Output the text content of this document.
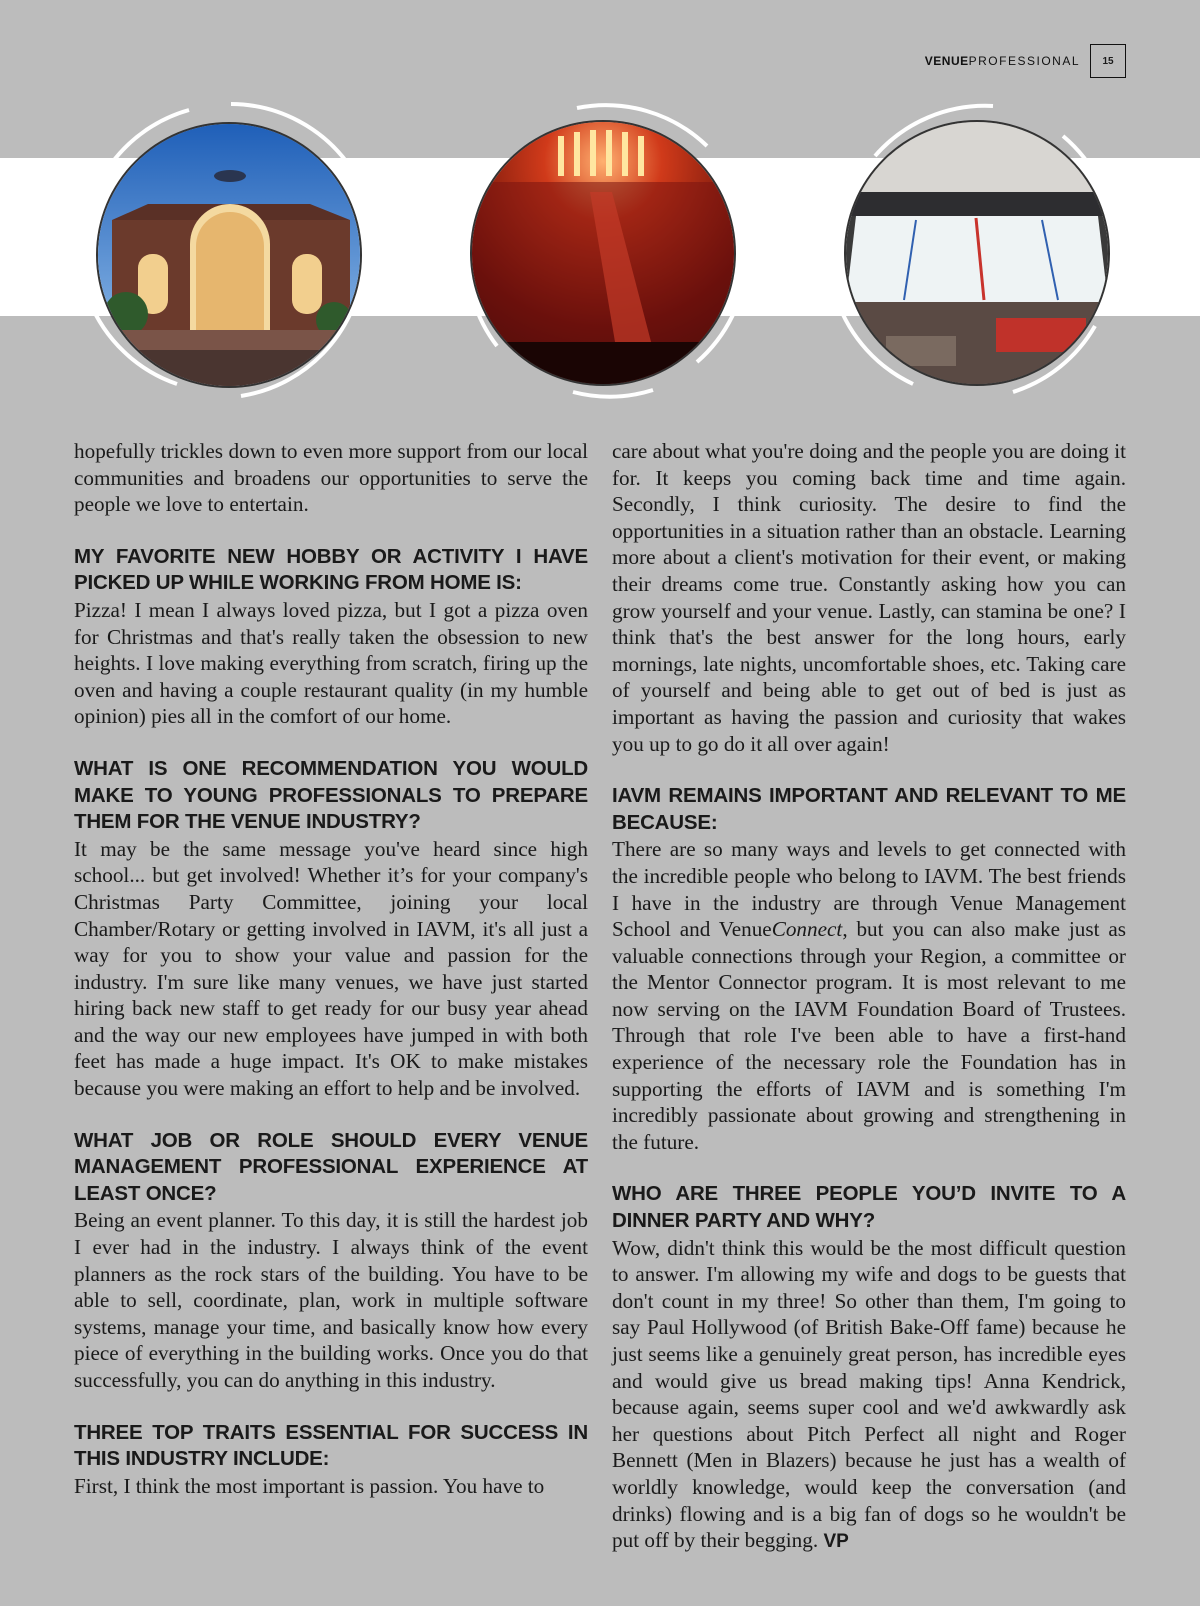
VENUEPROFESSIONAL	15

hopefully trickles down to even more support from our local communities and broadens our opportunities to serve the people we love to entertain.

MY FAVORITE NEW HOBBY OR ACTIVITY I HAVE PICKED UP WHILE WORKING FROM HOME IS:

Pizza! I mean I always loved pizza, but I got a pizza oven for Christmas and that's really taken the obsession to new heights. I love making everything from scratch, firing up the oven and having a couple restaurant quality (in my humble opinion) pies all in the comfort of our home.

WHAT IS ONE RECOMMENDATION YOU WOULD MAKE TO YOUNG PROFESSIONALS TO PREPARE THEM FOR THE VENUE INDUSTRY?

It may be the same message you've heard since high school... but get involved! Whether it’s for your company's Christmas Party Committee, joining your local Chamber/Rotary or getting involved in IAVM, it's all just a way for you to show your value and passion for the industry. I'm sure like many venues, we have just started hiring back new staff to get ready for our busy year ahead and the way our new employees have jumped in with both feet has made a huge impact. It's OK to make mistakes because you were making an effort to help and be involved.

WHAT JOB OR ROLE SHOULD EVERY VENUE MANAGEMENT PROFESSIONAL EXPERIENCE AT LEAST ONCE?

Being an event planner. To this day, it is still the hardest job I ever had in the industry. I always think of the event planners as the rock stars of the building. You have to be able to sell, coordinate, plan, work in multiple software systems, manage your time, and basically know how every piece of everything in the building works. Once you do that successfully, you can do anything in this industry.

THREE TOP TRAITS ESSENTIAL FOR SUCCESS IN THIS INDUSTRY INCLUDE:

First, I think the most important is passion. You have to

care about what you're doing and the people you are doing it for. It keeps you coming back time and time again. Secondly, I think curiosity. The desire to find the opportunities in a situation rather than an obstacle. Learning more about a client's motivation for their event, or making their dreams come true. Constantly asking how you can grow yourself and your venue. Lastly, can stamina be one? I think that's the best answer for the long hours, early mornings, late nights, uncomfortable shoes, etc. Taking care of yourself and being able to get out of bed is just as important as having the passion and curiosity that wakes you up to go do it all over again!

IAVM REMAINS IMPORTANT AND RELEVANT TO ME BECAUSE:

There are so many ways and levels to get connected with the incredible people who belong to IAVM. The best friends I have in the industry are through Venue Management School and VenueConnect, but you can also make just as valuable connections through your Region, a committee or the Mentor Connector program. It is most relevant to me now serving on the IAVM Foundation Board of Trustees. Through that role I've been able to have a first-hand experience of the necessary role the Foundation has in supporting the efforts of IAVM and is something I'm incredibly passionate about growing and strengthening in the future.

WHO ARE THREE PEOPLE YOU’D INVITE TO A DINNER PARTY AND WHY?

Wow, didn't think this would be the most difficult question to answer. I'm allowing my wife and dogs to be guests that don't count in my three! So other than them, I'm going to say Paul Hollywood (of British Bake-Off fame) because he just seems like a genuinely great person, has incredible eyes and would give us bread making tips! Anna Kendrick, because again, seems super cool and we'd awkwardly ask her questions about Pitch Perfect all night and Roger Bennett (Men in Blazers) because he just has a wealth of worldly knowledge, would keep the conversation (and drinks) flowing and is a big fan of dogs so he wouldn't be put off by their begging. VP
